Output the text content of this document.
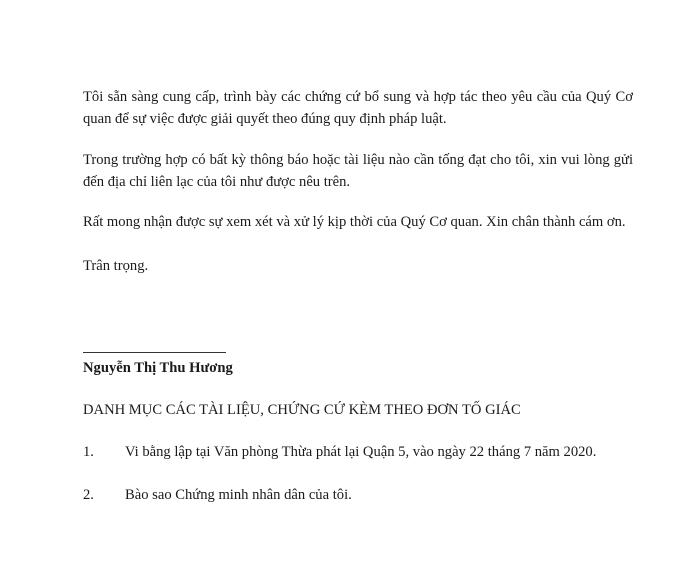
Tôi sẵn sàng cung cấp, trình bày các chứng cứ bổ sung và hợp tác theo yêu cầu của Quý Cơ quan để sự việc được giải quyết theo đúng quy định pháp luật.

Trong trường hợp có bất kỳ thông báo hoặc tài liệu nào cần tống đạt cho tôi, xin vui lòng gửi đến địa chỉ liên lạc của tôi như được nêu trên.

Rất mong nhận được sự xem xét và xử lý kịp thời của Quý Cơ quan. Xin chân thành cám ơn.

Trân trọng.

Nguyễn Thị Thu Hương

DANH MỤC CÁC TÀI LIỆU, CHỨNG CỨ KÈM THEO ĐƠN TỐ GIÁC

1. Vi bằng lập tại Văn phòng Thừa phát lại Quận 5, vào ngày 22 tháng 7 năm 2020.

2. Bào sao Chứng minh nhân dân của tôi.
